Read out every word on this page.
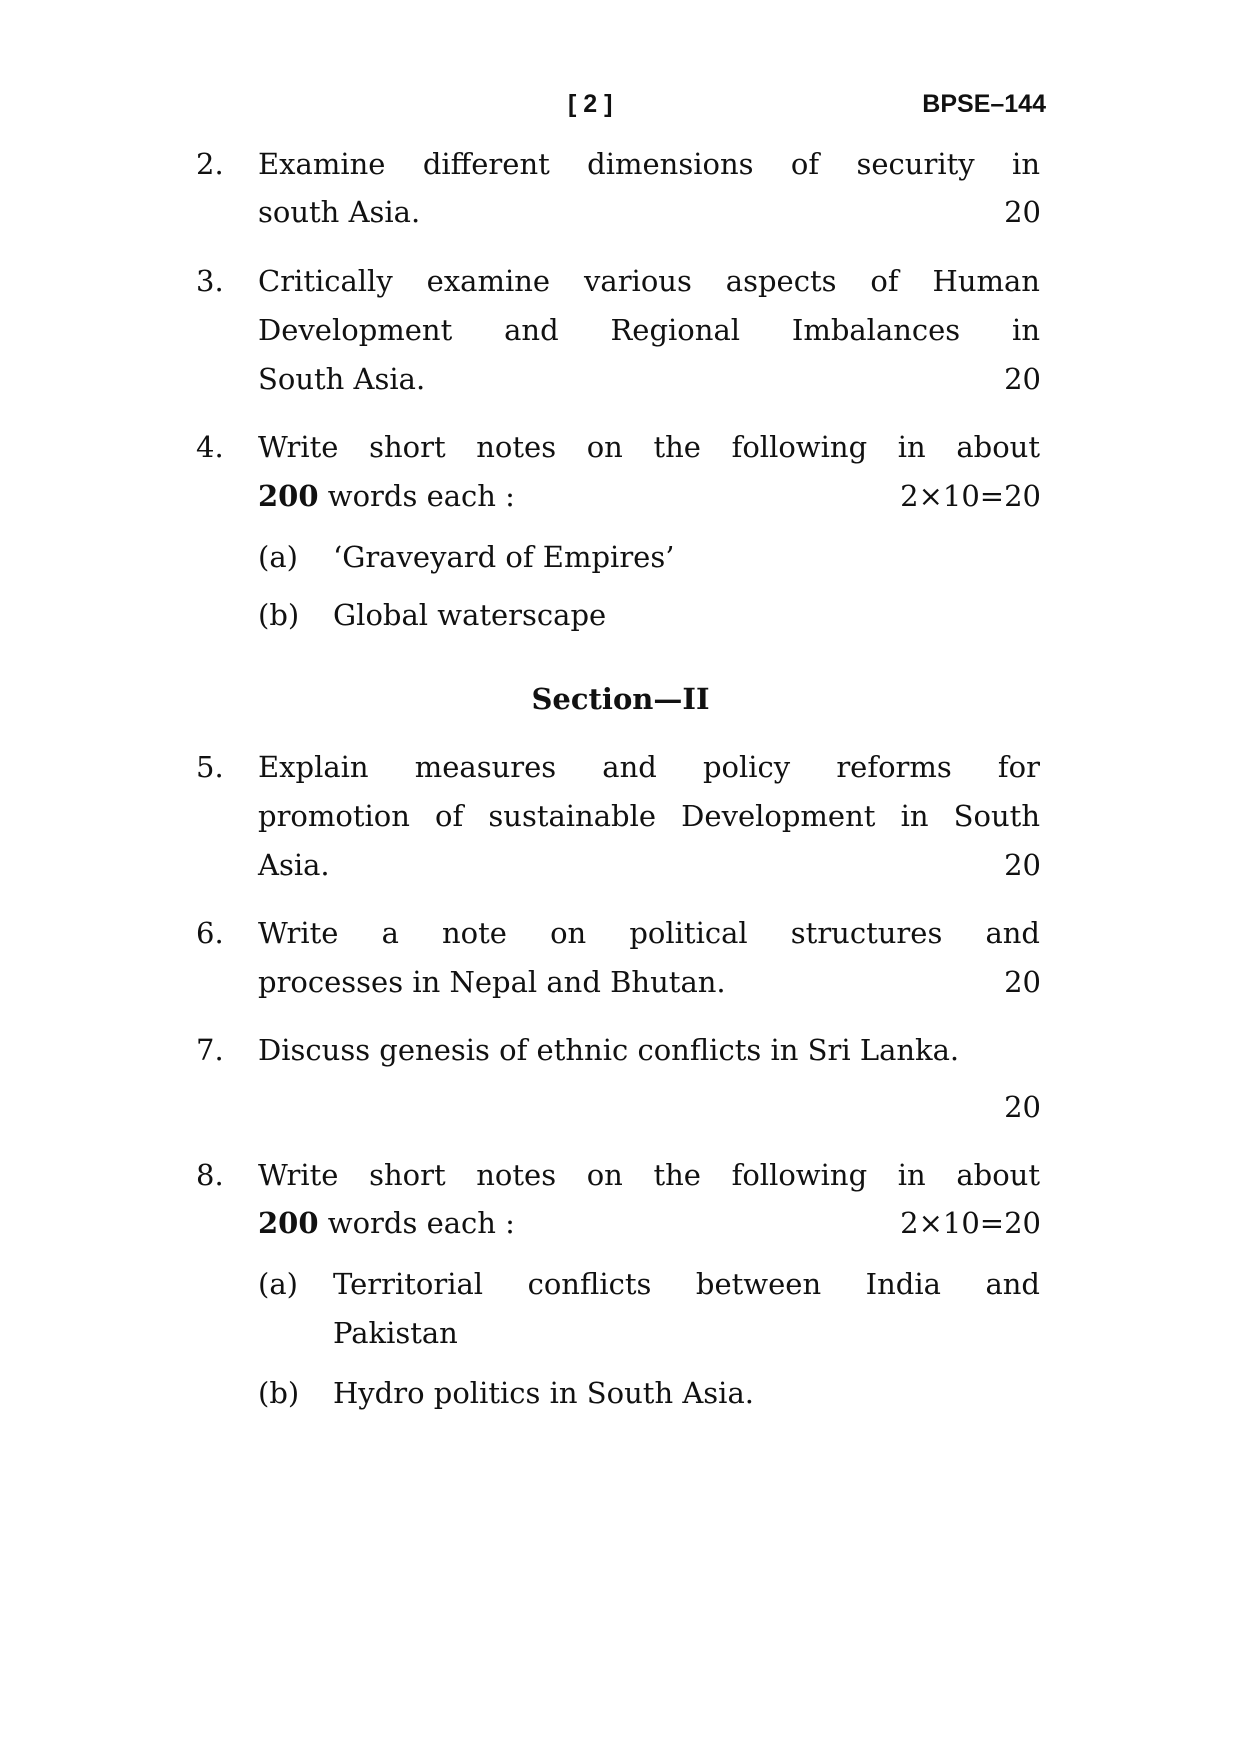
[ 2 ]	BPSE–144
2. Examine different dimensions of security in
south Asia.	20
3. Critically examine various aspects of Human
Development and Regional Imbalances in
South Asia.	20
4. Write short notes on the following in about
200 words each :	2×10=20
(a) ‘Graveyard of Empires’
(b) Global waterscape
Section—II
5. Explain measures and policy reforms for
promotion of sustainable Development in South
Asia.	20
6. Write a note on political structures and
processes in Nepal and Bhutan.	20
7. Discuss genesis of ethnic conflicts in Sri Lanka.
20
8. Write short notes on the following in about
200 words each :	2×10=20
(a) Territorial conflicts between India and
Pakistan
(b) Hydro politics in South Asia.
